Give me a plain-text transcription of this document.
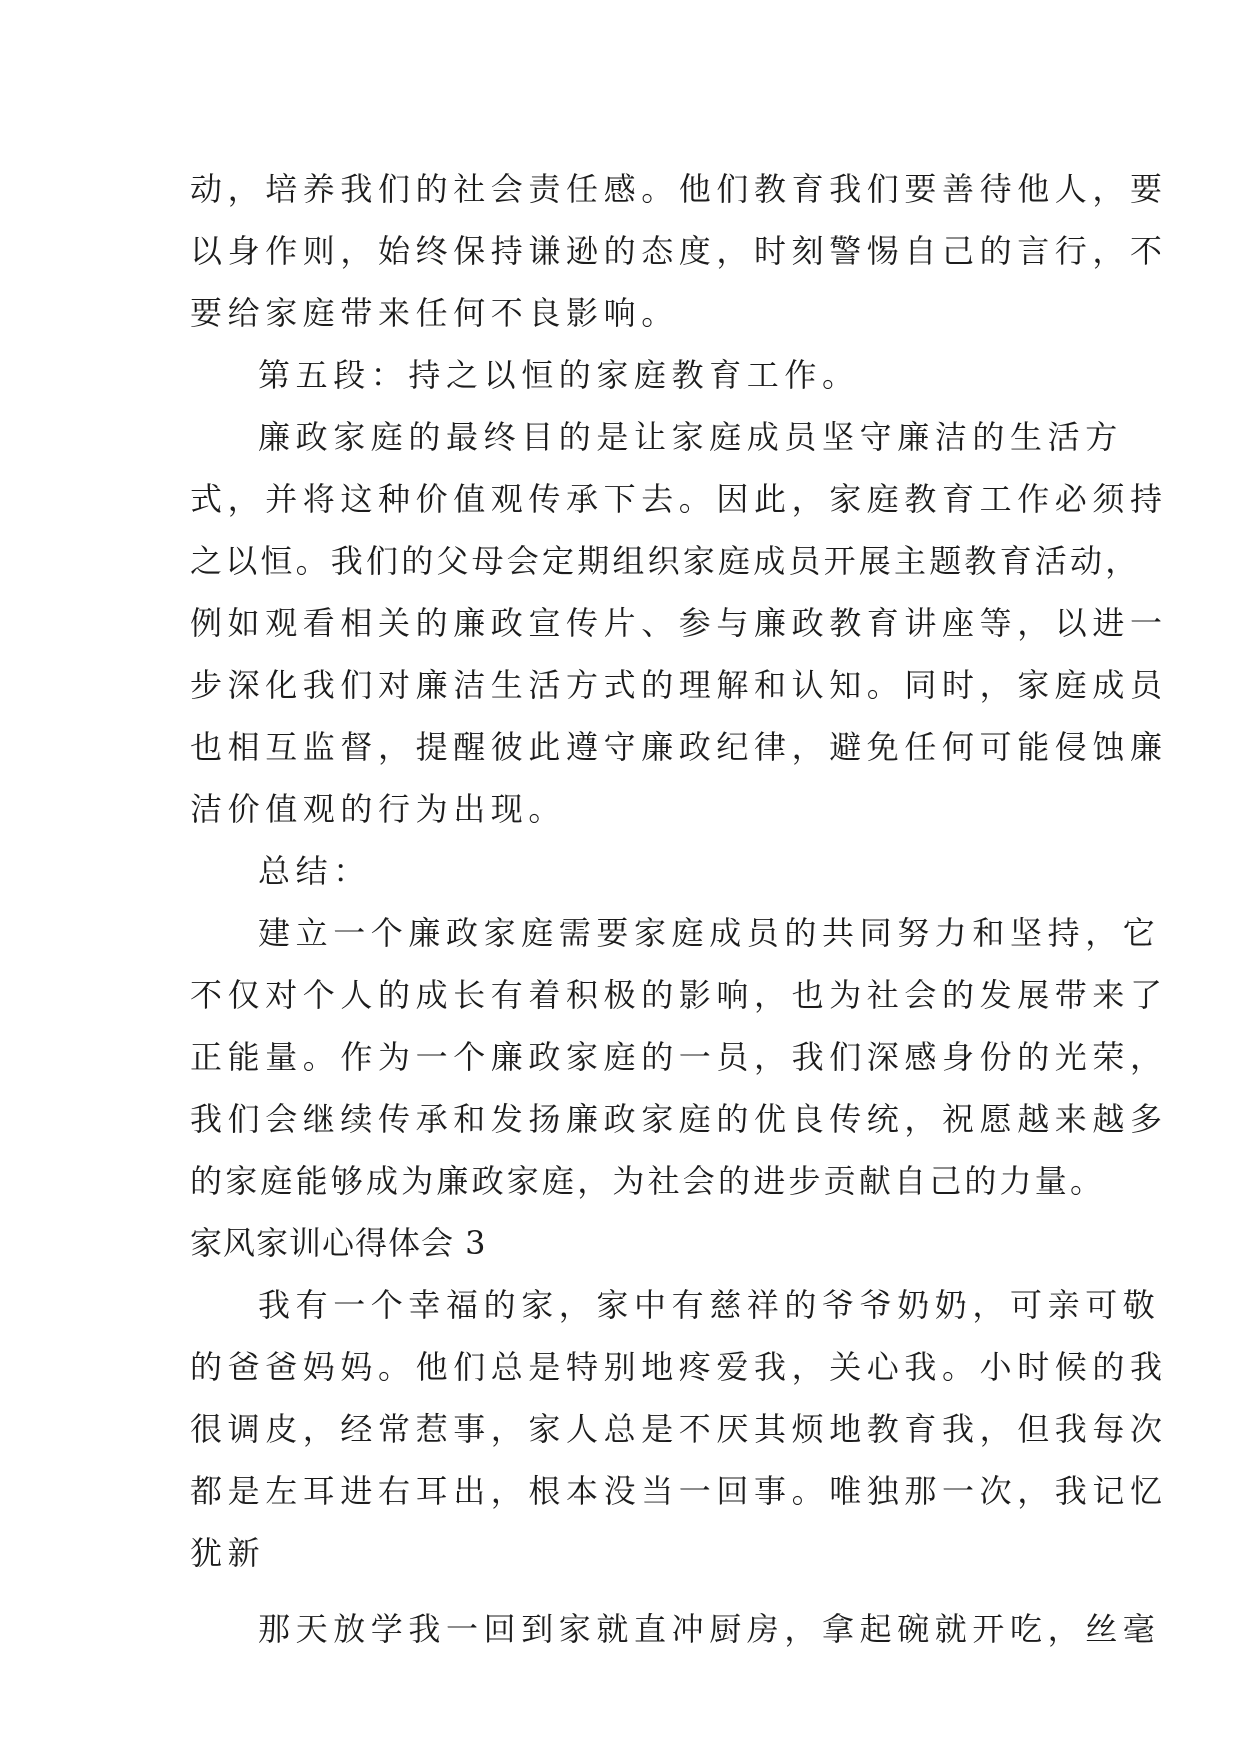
动，培养我们的社会责任感。他们教育我们要善待他人，要
以身作则，始终保持谦逊的态度，时刻警惕自己的言行，不
要给家庭带来任何不良影响。
第五段：持之以恒的家庭教育工作。
廉政家庭的最终目的是让家庭成员坚守廉洁的生活方
式，并将这种价值观传承下去。因此，家庭教育工作必须持
之以恒。我们的父母会定期组织家庭成员开展主题教育活动，
例如观看相关的廉政宣传片、参与廉政教育讲座等，以进一
步深化我们对廉洁生活方式的理解和认知。同时，家庭成员
也相互监督，提醒彼此遵守廉政纪律，避免任何可能侵蚀廉
洁价值观的行为出现。
总结：
建立一个廉政家庭需要家庭成员的共同努力和坚持，它
不仅对个人的成长有着积极的影响，也为社会的发展带来了
正能量。作为一个廉政家庭的一员，我们深感身份的光荣，
我们会继续传承和发扬廉政家庭的优良传统，祝愿越来越多
的家庭能够成为廉政家庭，为社会的进步贡献自己的力量。
家风家训心得体会 3
我有一个幸福的家，家中有慈祥的爷爷奶奶，可亲可敬
的爸爸妈妈。他们总是特别地疼爱我，关心我。小时候的我
很调皮，经常惹事，家人总是不厌其烦地教育我，但我每次
都是左耳进右耳出，根本没当一回事。唯独那一次，我记忆
犹新
那天放学我一回到家就直冲厨房，拿起碗就开吃，丝毫
